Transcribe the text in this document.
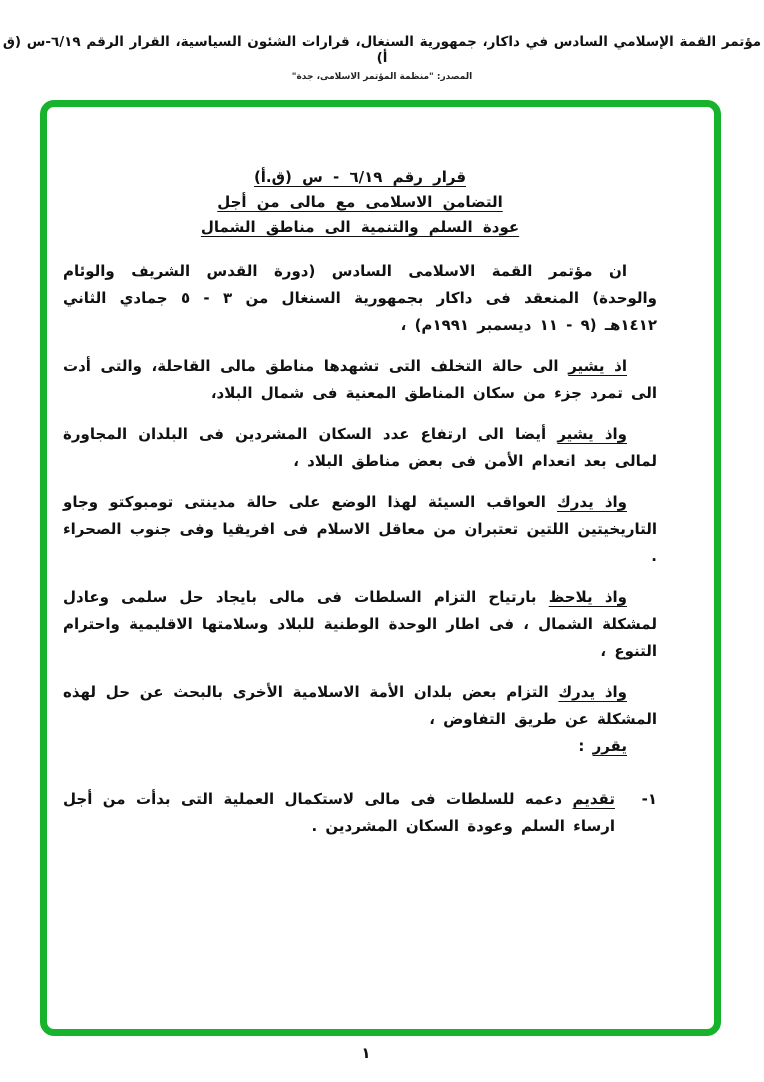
مؤتمر القمة الإسلامي السادس في داكار، جمهورية السنغال، قرارات الشئون السياسية، القرار الرقم ٦/١٩-س (ق أ)
المصدر: "منظمة المؤتمر الاسلامى، جدة"
قرار رقم ٦/١٩ - س (ق.أ)
التضامن الاسلامى مع مالى من أجل
عودة السلم والتنمية الى مناطق الشمال

ان مؤتمر القمة الاسلامى السادس (دورة القدس الشريف والوئام والوحدة) المنعقد فى داكار بجمهورية السنغال من ٣ - ٥ جمادي الثاني ١٤١٢هـ (٩ - ١١ ديسمبر ١٩٩١م) ،

اذ يشير الى حالة التخلف التى تشهدها مناطق مالى القاحلة، والتى أدت الى تمرد جزء من سكان المناطق المعنية فى شمال البلاد،

واذ يشير أيضا الى ارتفاع عدد السكان المشردين فى البلدان المجاورة لمالى بعد انعدام الأمن فى بعض مناطق البلاد ،

واذ يدرك العواقب السيئة لهذا الوضع على حالة مدينتى تومبوكتو وجاو التاريخيتين اللتين تعتبران من معاقل الاسلام فى افريقيا وفى جنوب الصحراء .

واذ يلاحظ بارتياح التزام السلطات فى مالى بايجاد حل سلمى وعادل لمشكلة الشمال ، فى اطار الوحدة الوطنية للبلاد وسلامتها الاقليمية واحترام التنوع ،

واذ يدرك التزام بعض بلدان الأمة الاسلامية الأخرى بالبحث عن حل لهذه المشكلة عن طريق التفاوض ،

يقرر :
١-
تقديم دعمه للسلطات فى مالى لاستكمال العملية التى بدأت من أجل ارساء السلم وعودة السكان المشردين .
١
